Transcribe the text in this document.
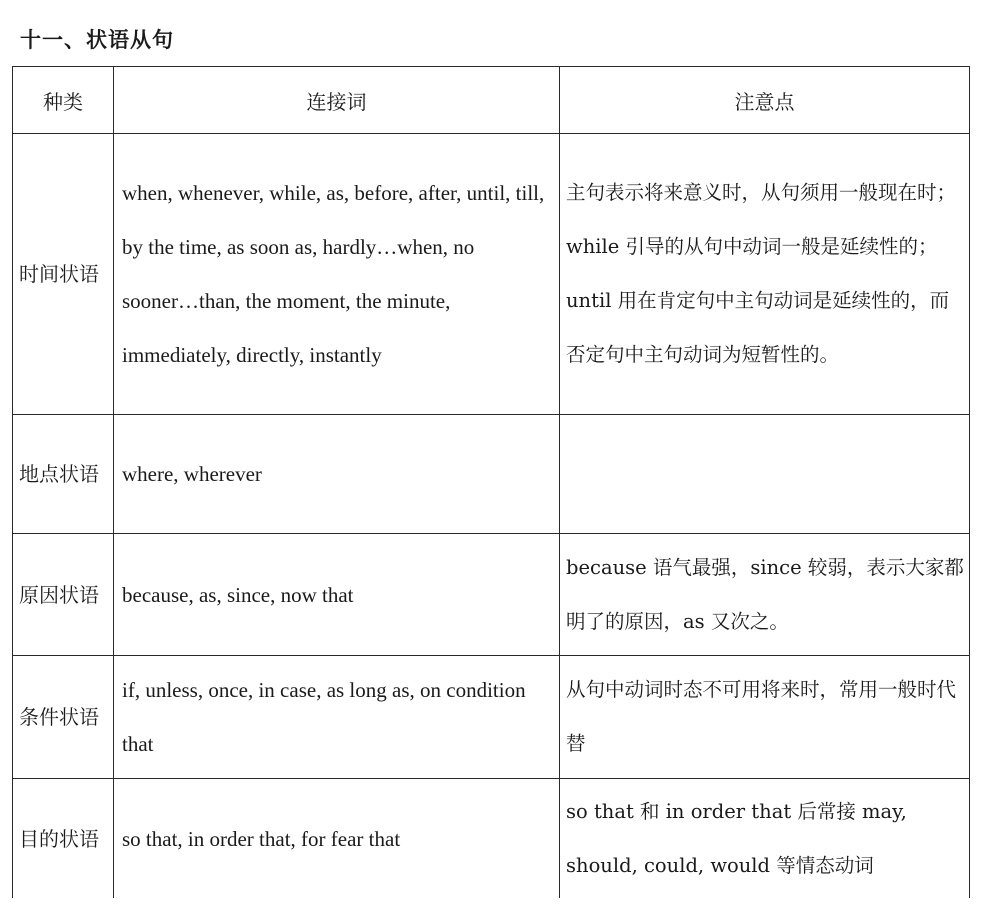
十一、状语从句
种类	连接词	注意点
时间状语	when, whenever, while, as, before, after, until, till, by the time, as soon as, hardly…when, no sooner…than, the moment, the minute, immediately, directly, instantly	主句表示将来意义时，从句须用一般现在时；while 引导的从句中动词一般是延续性的；until 用在肯定句中主句动词是延续性的，而否定句中主句动词为短暂性的。
地点状语	where, wherever	
原因状语	because, as, since, now that	because 语气最强，since 较弱，表示大家都明了的原因，as 又次之。
条件状语	if, unless, once, in case, as long as, on condition that	从句中动词时态不可用将来时，常用一般时代替
目的状语	so that, in order that, for fear that	so that 和 in order that 后常接 may, should, could, would 等情态动词
